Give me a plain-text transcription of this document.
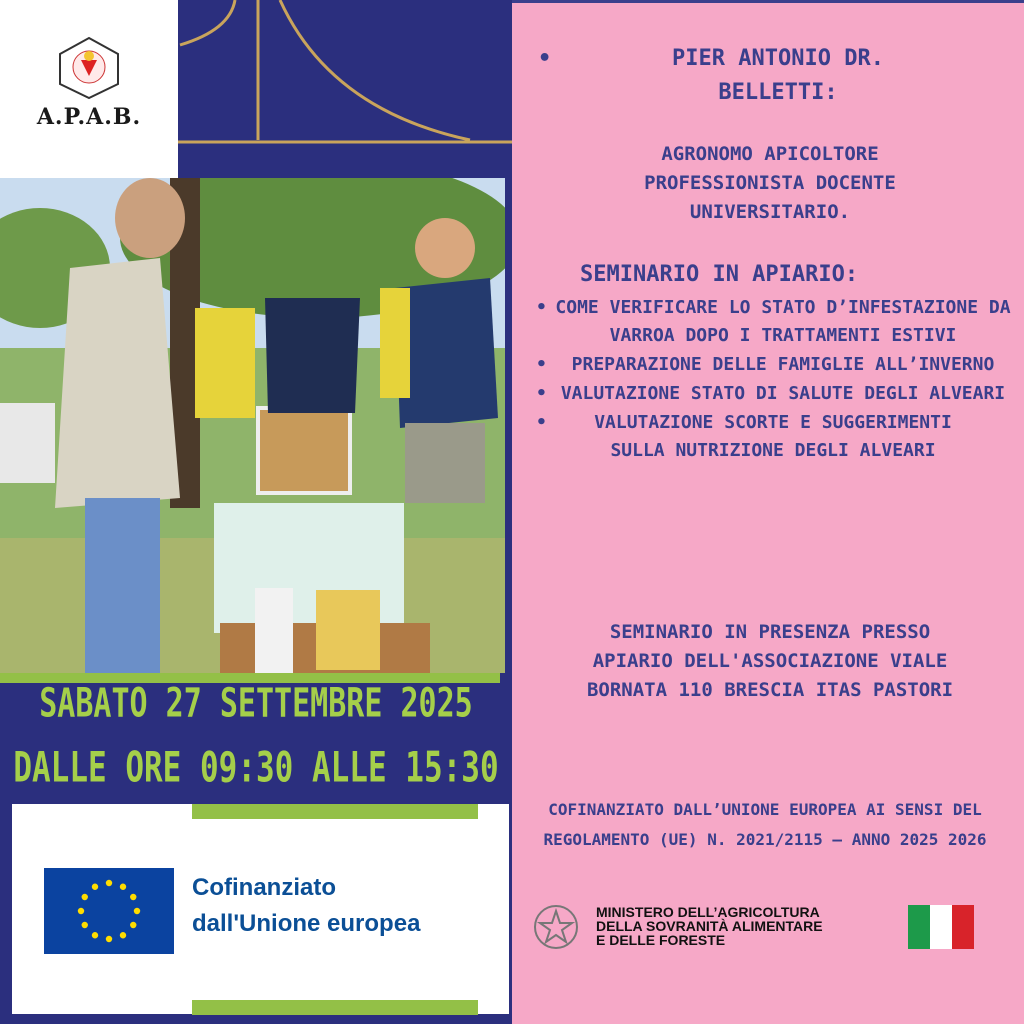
A.P.A.B.
SABATO 27 SETTEMBRE 2025
DALLE ORE 09:30 ALLE 15:30
Cofinanziato
dall'Unione europea
•	PIER ANTONIO DR. BELLETTI:
AGRONOMO APICOLTORE PROFESSIONISTA DOCENTE UNIVERSITARIO.
SEMINARIO IN APIARIO:
• COME VERIFICARE LO STATO D’INFESTAZIONE DA VARROA DOPO I TRATTAMENTI ESTIVI
• PREPARAZIONE DELLE FAMIGLIE ALL’INVERNO
• VALUTAZIONE STATO DI SALUTE DEGLI ALVEARI
• VALUTAZIONE SCORTE E SUGGERIMENTI SULLA NUTRIZIONE DEGLI ALVEARI
SEMINARIO IN PRESENZA PRESSO APIARIO DELL'ASSOCIAZIONE VIALE BORNATA 110 BRESCIA ITAS PASTORI
COFINANZIATO DALL’UNIONE EUROPEA AI SENSI DEL REGOLAMENTO (UE) N. 2021/2115 – ANNO 2025 2026
MINISTERO DELL’AGRICOLTURA
DELLA SOVRANITÀ ALIMENTARE
E DELLE FORESTE
